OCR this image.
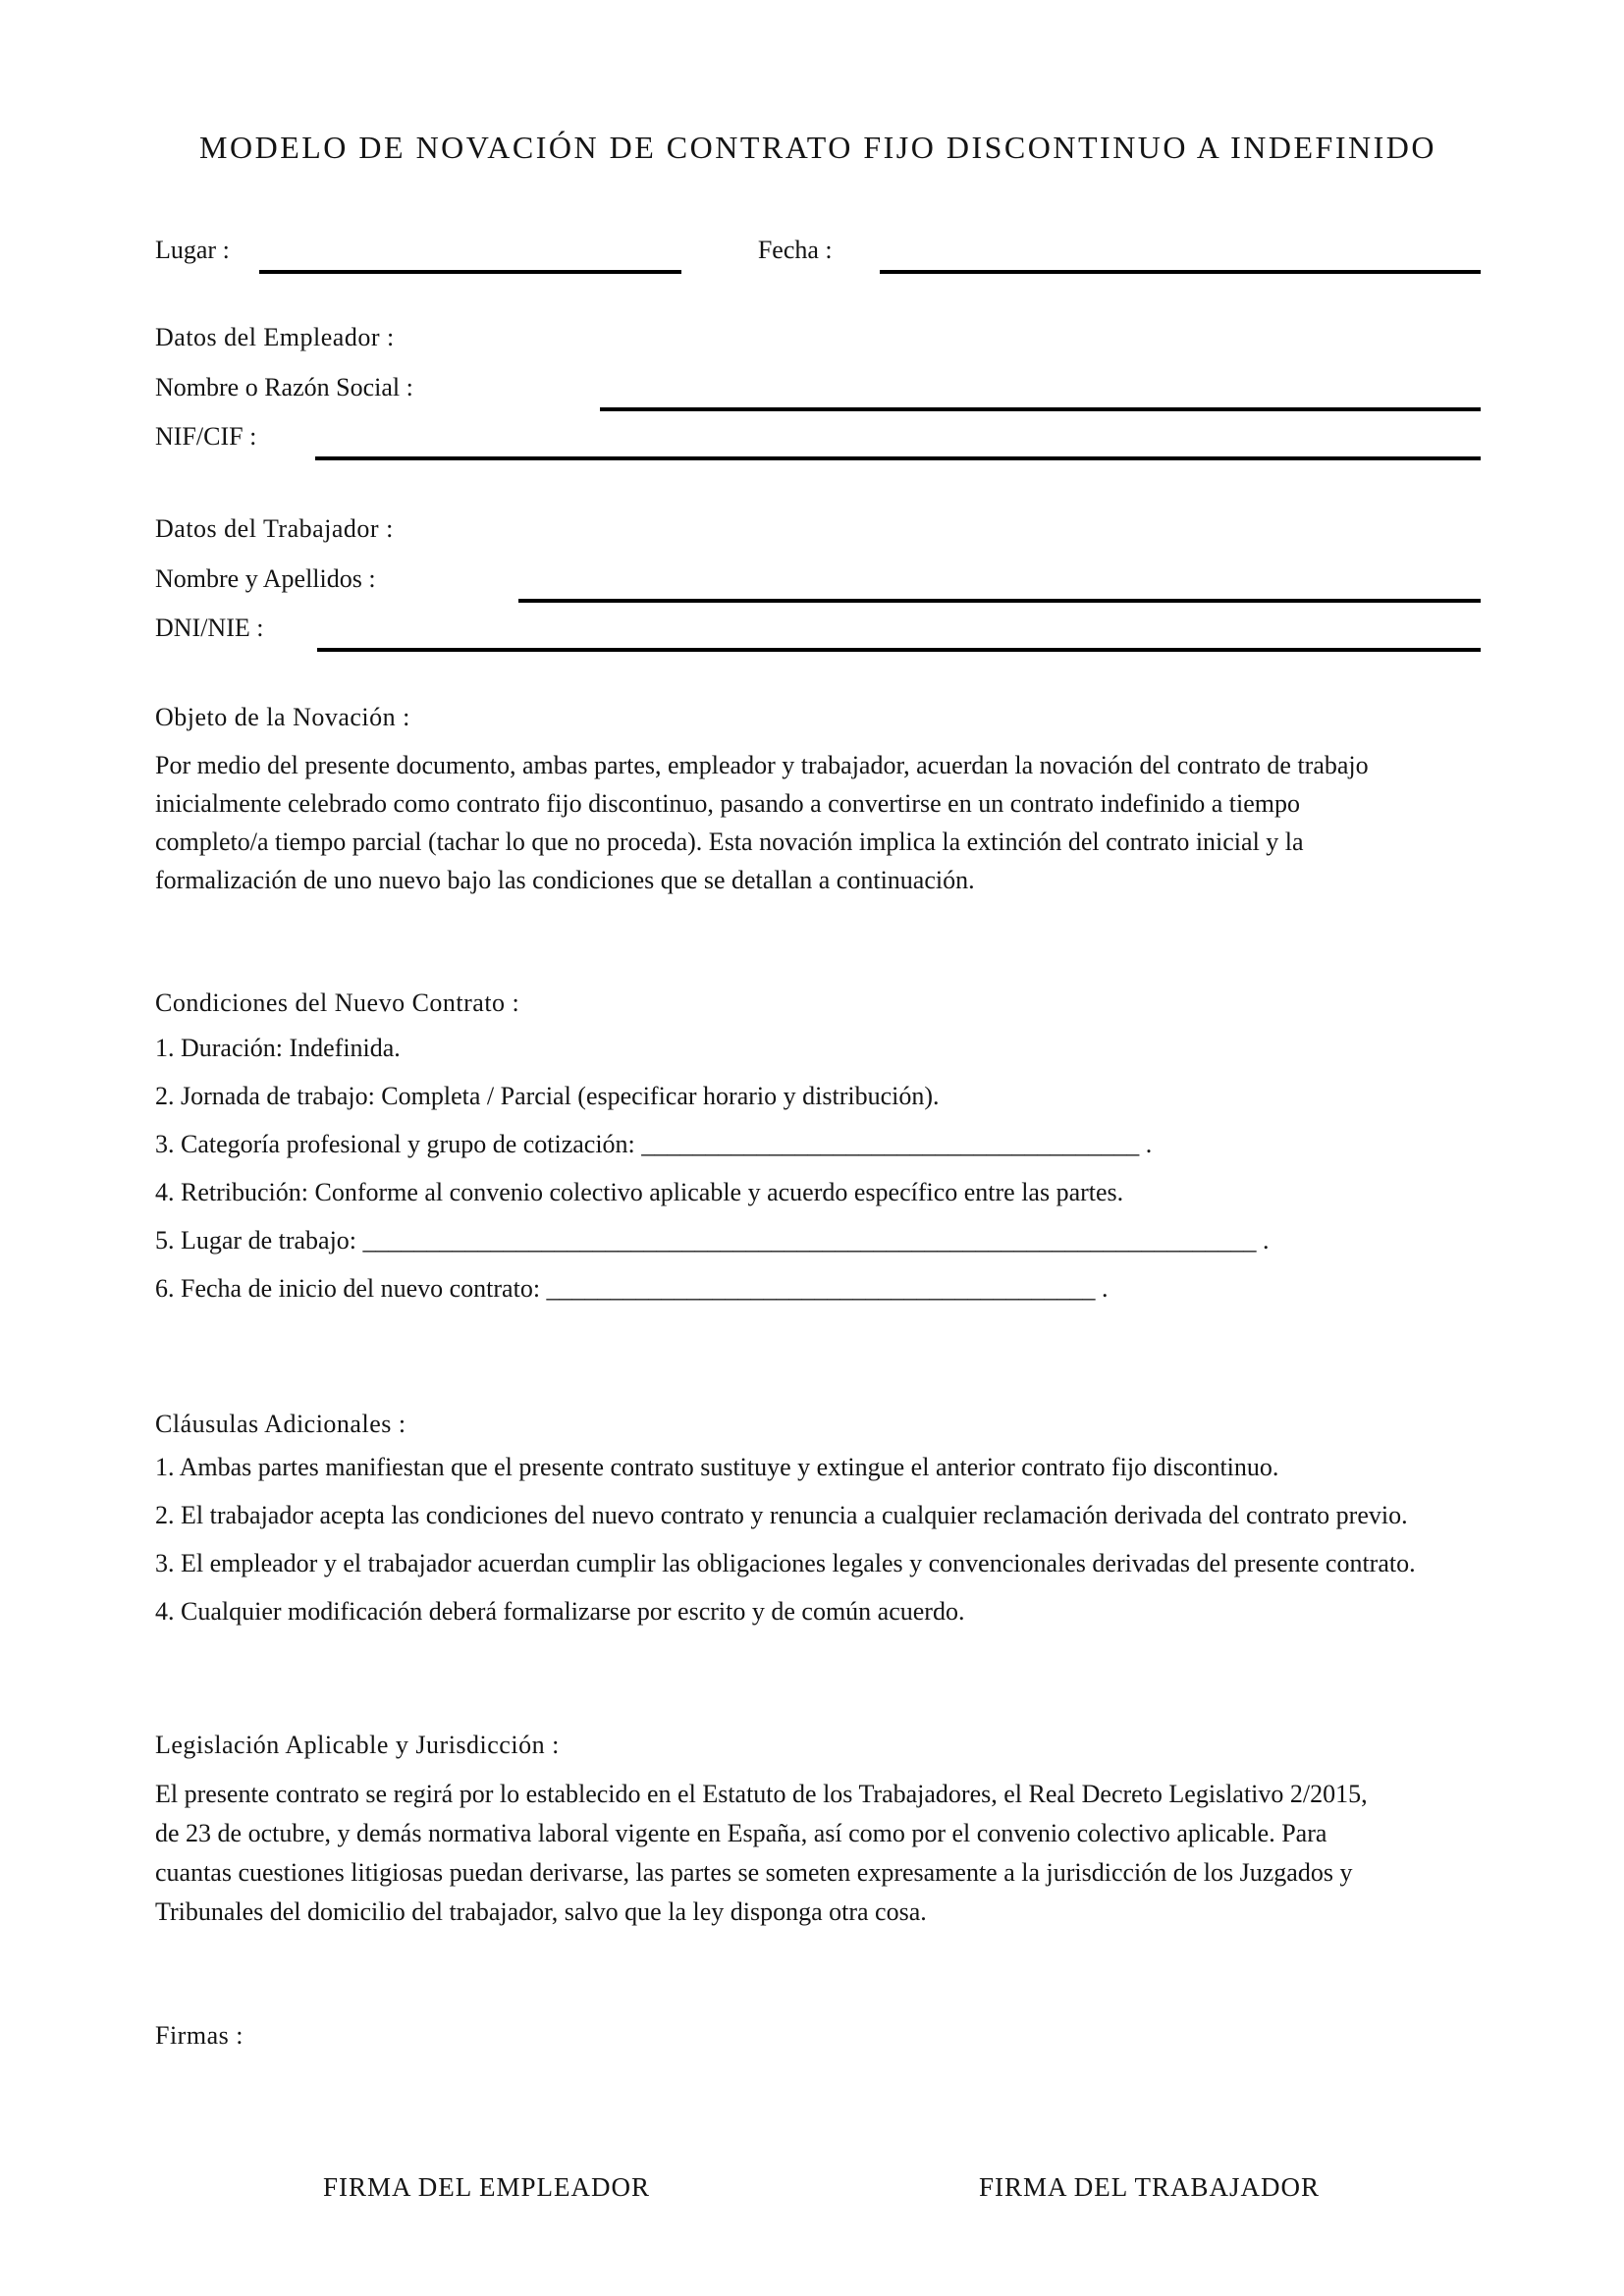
MODELO DE NOVACIÓN DE CONTRATO FIJO DISCONTINUO A INDEFINIDO
Lugar :	Fecha :
Datos del Empleador :
Nombre o Razón Social :
NIF/CIF :
Datos del Trabajador :
Nombre y Apellidos :
DNI/NIE :
Objeto de la Novación :
Por medio del presente documento, ambas partes, empleador y trabajador, acuerdan la novación del contrato de trabajo
inicialmente celebrado como contrato fijo discontinuo, pasando a convertirse en un contrato indefinido a tiempo
completo/a tiempo parcial (tachar lo que no proceda). Esta novación implica la extinción del contrato inicial y la
formalización de uno nuevo bajo las condiciones que se detallan a continuación.
Condiciones del Nuevo Contrato :
1. Duración: Indefinida.
2. Jornada de trabajo: Completa / Parcial (especificar horario y distribución).
3. Categoría profesional y grupo de cotización: _______________________________________ .
4. Retribución: Conforme al convenio colectivo aplicable y acuerdo específico entre las partes.
5. Lugar de trabajo: ______________________________________________________________________ .
6. Fecha de inicio del nuevo contrato: ___________________________________________ .
Cláusulas Adicionales :
1. Ambas partes manifiestan que el presente contrato sustituye y extingue el anterior contrato fijo discontinuo.
2. El trabajador acepta las condiciones del nuevo contrato y renuncia a cualquier reclamación derivada del contrato previo.
3. El empleador y el trabajador acuerdan cumplir las obligaciones legales y convencionales derivadas del presente contrato.
4. Cualquier modificación deberá formalizarse por escrito y de común acuerdo.
Legislación Aplicable y Jurisdicción :
El presente contrato se regirá por lo establecido en el Estatuto de los Trabajadores, el Real Decreto Legislativo 2/2015,
de 23 de octubre, y demás normativa laboral vigente en España, así como por el convenio colectivo aplicable. Para
cuantas cuestiones litigiosas puedan derivarse, las partes se someten expresamente a la jurisdicción de los Juzgados y
Tribunales del domicilio del trabajador, salvo que la ley disponga otra cosa.
Firmas :
FIRMA DEL EMPLEADOR	FIRMA DEL TRABAJADOR
